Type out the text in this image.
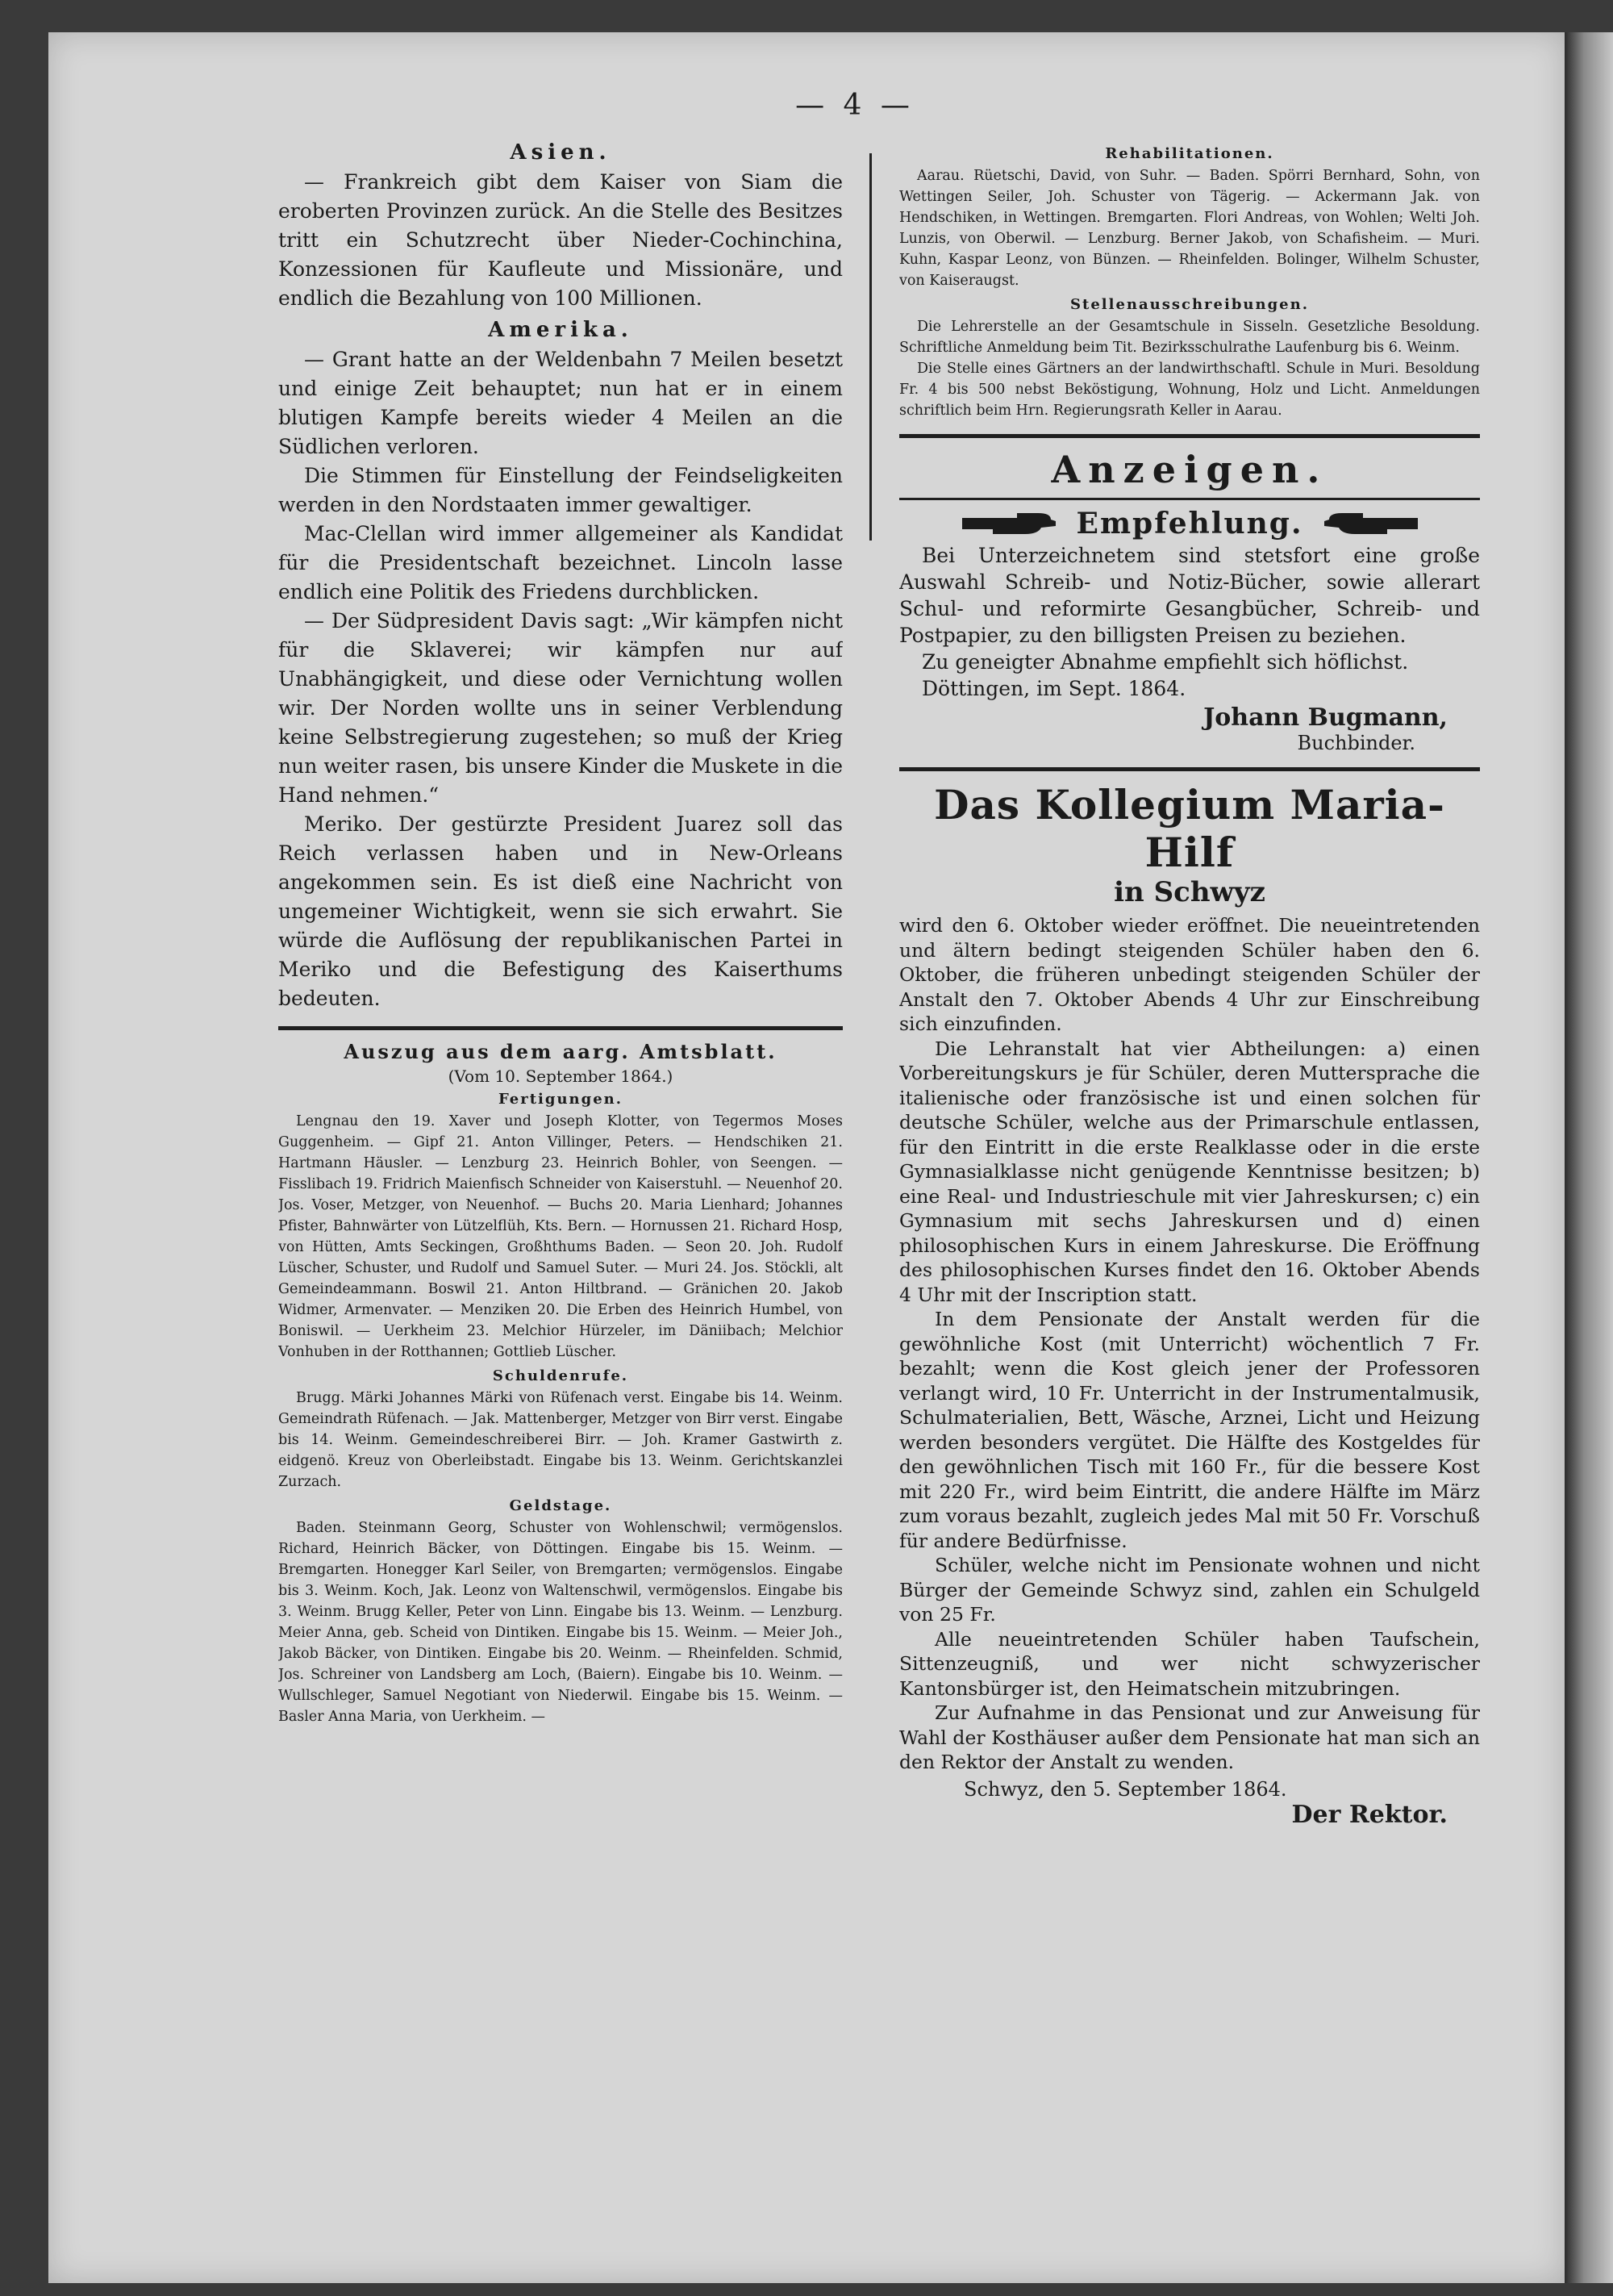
— 4 —
Asien.

— Frankreich gibt dem Kaiser von Siam die eroberten Provinzen zurück. An die Stelle des Besitzes tritt ein Schutzrecht über Nieder-Cochinchina, Konzessionen für Kaufleute und Missionäre, und endlich die Bezahlung von 100 Millionen.

Amerika.

— Grant hatte an der Weldenbahn 7 Meilen besetzt und einige Zeit behauptet; nun hat er in einem blutigen Kampfe bereits wieder 4 Meilen an die Südlichen verloren.

Die Stimmen für Einstellung der Feindseligkeiten werden in den Nordstaaten immer gewaltiger.

Mac-Clellan wird immer allgemeiner als Kandidat für die Presidentschaft bezeichnet. Lincoln lasse endlich eine Politik des Friedens durchblicken.

— Der Südpresident Davis sagt: „Wir kämpfen nicht für die Sklaverei; wir kämpfen nur auf Unabhängigkeit, und diese oder Vernichtung wollen wir. Der Norden wollte uns in seiner Verblendung keine Selbstregierung zugestehen; so muß der Krieg nun weiter rasen, bis unsere Kinder die Muskete in die Hand nehmen.“

Meriko. Der gestürzte President Juarez soll das Reich verlassen haben und in New-Orleans angekommen sein. Es ist dieß eine Nachricht von ungemeiner Wichtigkeit, wenn sie sich erwahrt. Sie würde die Auflösung der republikanischen Partei in Meriko und die Befestigung des Kaiserthums bedeuten.

Auszug aus dem aarg. Amtsblatt.
(Vom 10. September 1864.)
Fertigungen.

Lengnau den 19. Xaver und Joseph Klotter, von Tegermos Moses Guggenheim. — Gipf 21. Anton Villinger, Peters. — Hendschiken 21. Hartmann Häusler. — Lenzburg 23. Heinrich Bohler, von Seengen. — Fisslibach 19. Fridrich Maienfisch Schneider von Kaiserstuhl. — Neuenhof 20. Jos. Voser, Metzger, von Neuenhof. — Buchs 20. Maria Lienhard; Johannes Pfister, Bahnwärter von Lützelflüh, Kts. Bern. — Hornussen 21. Richard Hosp, von Hütten, Amts Seckingen, Großhthums Baden. — Seon 20. Joh. Rudolf Lüscher, Schuster, und Rudolf und Samuel Suter. — Muri 24. Jos. Stöckli, alt Gemeindeammann. Boswil 21. Anton Hiltbrand. — Gränichen 20. Jakob Widmer, Armenvater. — Menziken 20. Die Erben des Heinrich Humbel, von Boniswil. — Uerkheim 23. Melchior Hürzeler, im Däniibach; Melchior Vonhuben in der Rotthannen; Gottlieb Lüscher.

Schuldenrufe.

Brugg. Märki Johannes Märki von Rüfenach verst. Eingabe bis 14. Weinm. Gemeindrath Rüfenach. — Jak. Mattenberger, Metzger von Birr verst. Eingabe bis 14. Weinm. Gemeindeschreiberei Birr. — Joh. Kramer Gastwirth z. eidgenö. Kreuz von Oberleibstadt. Eingabe bis 13. Weinm. Gerichtskanzlei Zurzach.

Geldstage.

Baden. Steinmann Georg, Schuster von Wohlenschwil; vermögenslos. Richard, Heinrich Bäcker, von Döttingen. Eingabe bis 15. Weinm. — Bremgarten. Honegger Karl Seiler, von Bremgarten; vermögenslos. Eingabe bis 3. Weinm. Koch, Jak. Leonz von Waltenschwil, vermögenslos. Eingabe bis 3. Weinm. Brugg Keller, Peter von Linn. Eingabe bis 13. Weinm. — Lenzburg. Meier Anna, geb. Scheid von Dintiken. Eingabe bis 15. Weinm. — Meier Joh., Jakob Bäcker, von Dintiken. Eingabe bis 20. Weinm. — Rheinfelden. Schmid, Jos. Schreiner von Landsberg am Loch, (Baiern). Eingabe bis 10. Weinm. — Wullschleger, Samuel Negotiant von Niederwil. Eingabe bis 15. Weinm. — Basler Anna Maria, von Uerkheim. —

Rehabilitationen.

Aarau. Rüetschi, David, von Suhr. — Baden. Spörri Bernhard, Sohn, von Wettingen Seiler, Joh. Schuster von Tägerig. — Ackermann Jak. von Hendschiken, in Wettingen. Bremgarten. Flori Andreas, von Wohlen; Welti Joh. Lunzis, von Oberwil. — Lenzburg. Berner Jakob, von Schafisheim. — Muri. Kuhn, Kaspar Leonz, von Bünzen. — Rheinfelden. Bolinger, Wilhelm Schuster, von Kaiseraugst.

Stellenausschreibungen.

Die Lehrerstelle an der Gesamtschule in Sisseln. Gesetzliche Besoldung. Schriftliche Anmeldung beim Tit. Bezirksschulrathe Laufenburg bis 6. Weinm.

Die Stelle eines Gärtners an der landwirthschaftl. Schule in Muri. Besoldung Fr. 4 bis 500 nebst Beköstigung, Wohnung, Holz und Licht. Anmeldungen schriftlich beim Hrn. Regierungsrath Keller in Aarau.

Anzeigen.
Empfehlung.

Bei Unterzeichnetem sind stetsfort eine große Auswahl Schreib- und Notiz-Bücher, sowie allerart Schul- und reformirte Gesangbücher, Schreib- und Postpapier, zu den billigsten Preisen zu beziehen.

Zu geneigter Abnahme empfiehlt sich höflichst.

Döttingen, im Sept. 1864.

Johann Bugmann,
Buchbinder.
Das Kollegium Maria-Hilf
in Schwyz

wird den 6. Oktober wieder eröffnet. Die neueintretenden und ältern bedingt steigenden Schüler haben den 6. Oktober, die früheren unbedingt steigenden Schüler der Anstalt den 7. Oktober Abends 4 Uhr zur Einschreibung sich einzufinden.

Die Lehranstalt hat vier Abtheilungen: a) einen Vorbereitungskurs je für Schüler, deren Muttersprache die italienische oder französische ist und einen solchen für deutsche Schüler, welche aus der Primarschule entlassen, für den Eintritt in die erste Realklasse oder in die erste Gymnasialklasse nicht genügende Kenntnisse besitzen; b) eine Real- und Industrieschule mit vier Jahreskursen; c) ein Gymnasium mit sechs Jahreskursen und d) einen philosophischen Kurs in einem Jahreskurse. Die Eröffnung des philosophischen Kurses findet den 16. Oktober Abends 4 Uhr mit der Inscription statt.

In dem Pensionate der Anstalt werden für die gewöhnliche Kost (mit Unterricht) wöchentlich 7 Fr. bezahlt; wenn die Kost gleich jener der Professoren verlangt wird, 10 Fr. Unterricht in der Instrumentalmusik, Schulmaterialien, Bett, Wäsche, Arznei, Licht und Heizung werden besonders vergütet. Die Hälfte des Kostgeldes für den gewöhnlichen Tisch mit 160 Fr., für die bessere Kost mit 220 Fr., wird beim Eintritt, die andere Hälfte im März zum voraus bezahlt, zugleich jedes Mal mit 50 Fr. Vorschuß für andere Bedürfnisse.

Schüler, welche nicht im Pensionate wohnen und nicht Bürger der Gemeinde Schwyz sind, zahlen ein Schulgeld von 25 Fr.

Alle neueintretenden Schüler haben Taufschein, Sittenzeugniß, und wer nicht schwyzerischer Kantonsbürger ist, den Heimatschein mitzubringen.

Zur Aufnahme in das Pensionat und zur Anweisung für Wahl der Kosthäuser außer dem Pensionate hat man sich an den Rektor der Anstalt zu wenden.

Schwyz, den 5. September 1864.
Der Rektor.
